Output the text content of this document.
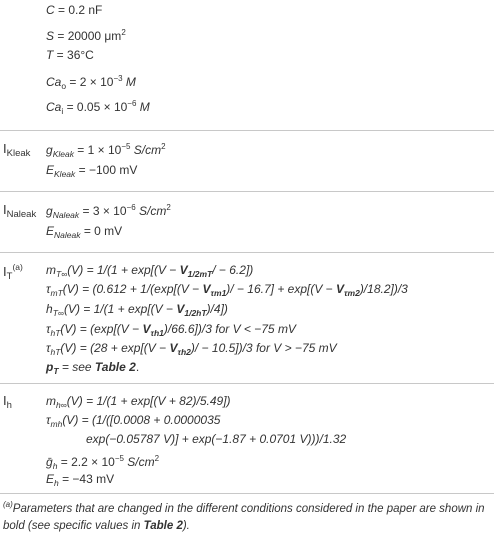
C = 0.2 nF
S = 20000 $\mu m^2$
T = 36°C
$Ca_o = 2 \times 10^{-3}$ M
$Ca_i = 0.05 \times 10^{-6}$ M
$I_{Kleak}$ $g_{Kleak} = 1 \times 10^{-5}$ $S/cm^2$
$E_{Kleak} = -100$ mV
$I_{Naleak}$ $g_{Naleak} = 3 \times 10^{-6}$ $S/cm^2$
$E_{Naleak} = 0$ mV
$I_T^{(a)}$ $m_{T\infty}(V) = 1/(1 + \exp[(V - V_{1/2mT}/ - 6.2])$
$\tau_{mT}(V) = (0.612 + 1/(\exp[(V - V_{\tau m1})/ - 16.7] + \exp[(V - V_{\tau m2})/18.2])/3$
$h_{T\infty}(V) = 1/(1 + \exp[(V - V_{1/2hT})/4])$
$\tau_{hT}(V) = (\exp[(V - V_{\tau h1})/66.6])/3$ for V < −75 mV
$\tau_{hT}(V) = (28 + \exp[(V - V_{\tau h2})/ - 10.5])/3$ for V > −75 mV
$p_T$ = see Table 2.
$I_h$	$m_{h\infty}(V) = 1/(1 + \exp[(V + 82)/5.49])$
$\tau_{mh}(V) = (1/([0.0008 + 0.0000035$
exp(−0.05787 V)] + exp(−1.87 + 0.0701 V)))/1.32
ḡ$_h$ = $2.2 \times 10^{-5}$ $S/cm^2$
$E_h = -43$ mV
$^{(a)}$Parameters that are changed in the different conditions considered in the paper are shown in bold (see specific values in Table 2).
